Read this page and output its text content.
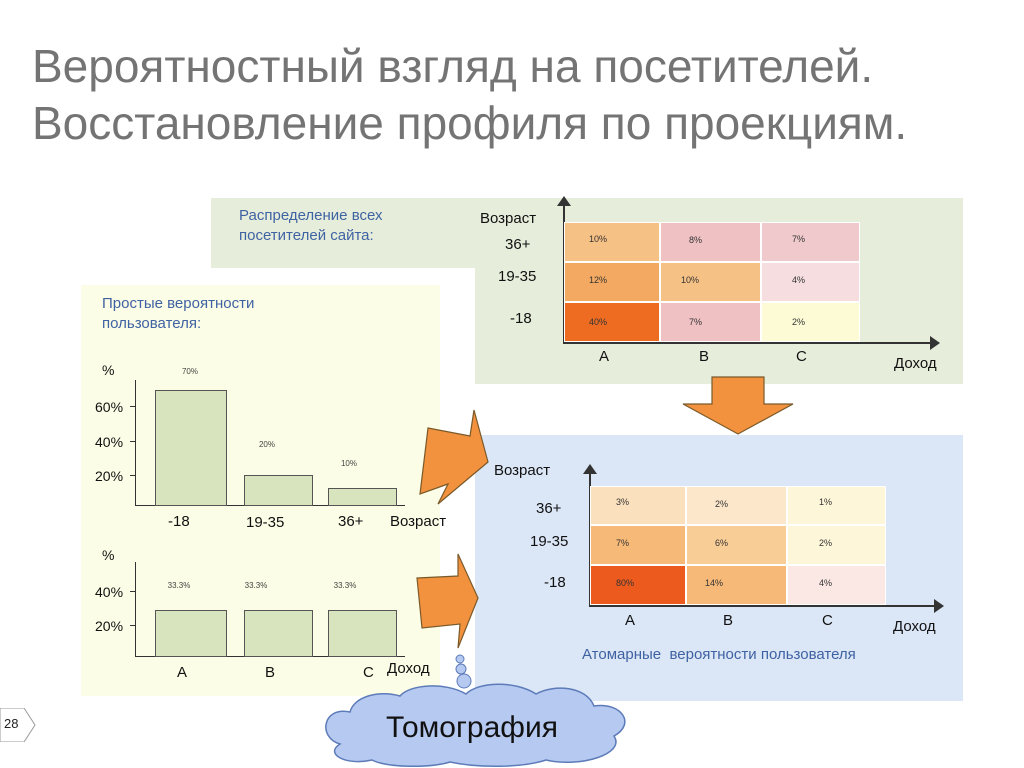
Вероятностный взгляд на посетителей.
Восстановление профиля по проекциям.
Распределение всех
посетителей сайта:
Возраст
36+
19-35
-18
10%	8%	7%
12%	10%	4%
40%	7%	2%
A	B	C	Доход
Простые вероятности
пользователя:
%
60%
40%
20%
70%
20%
10%
-18	19-35	36+ Возраст
%
40%
20%
33.3%	33.3%	33.3%
A	B	C Доход
Возраст
36+
19-35
-18
3%	2%	1%
7%	6%	2%
80%	14%	4%
A	B	C	Доход
Атомарные  вероятности пользователя
Томография
28
